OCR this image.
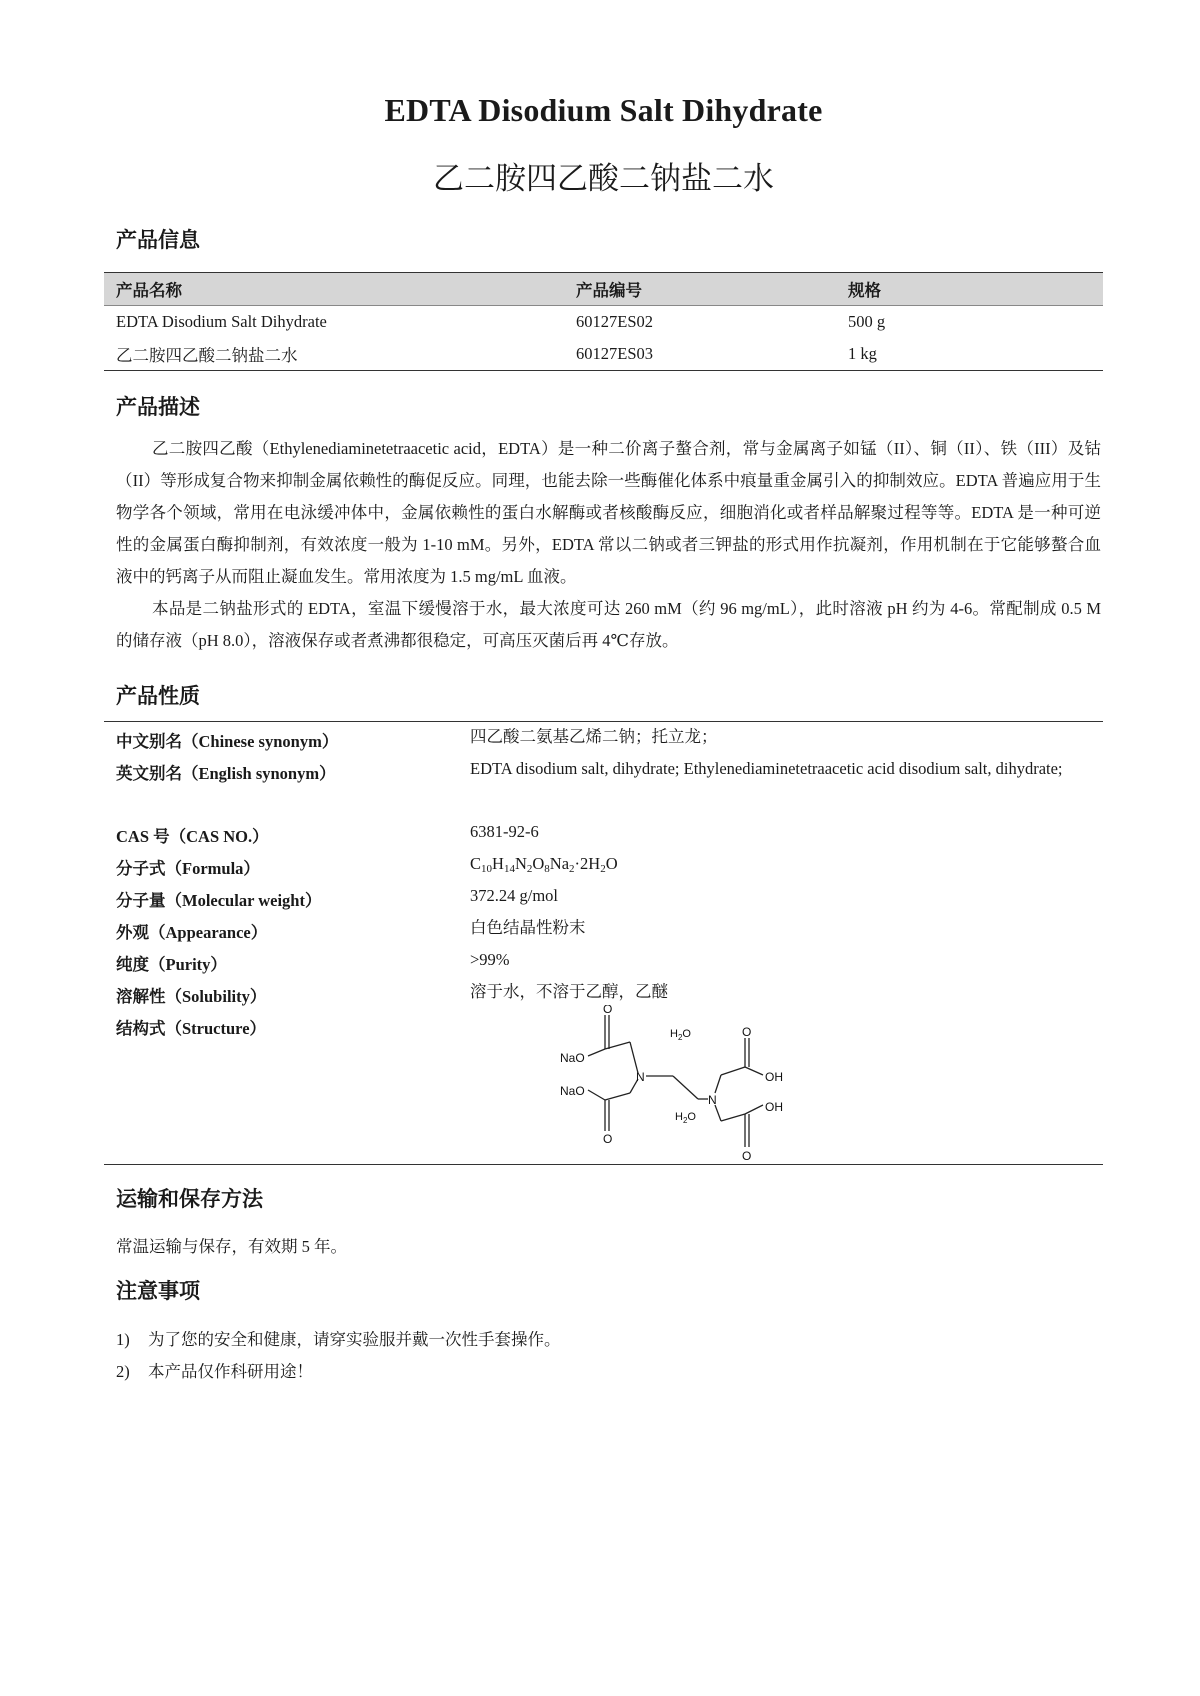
EDTA Disodium Salt Dihydrate
乙二胺四乙酸二钠盐二水
产品信息
产品名称	产品编号	规格
EDTA Disodium Salt Dihydrate	60127ES02	500 g
乙二胺四乙酸二钠盐二水	60127ES03	1 kg
产品描述

乙二胺四乙酸（Ethylenediaminetetraacetic acid，EDTA）是一种二价离子螯合剂，常与金属离子如锰（II）、铜（II）、铁（III）及钴（II）等形成复合物来抑制金属依赖性的酶促反应。同理，也能去除一些酶催化体系中痕量重金属引入的抑制效应。EDTA 普遍应用于生物学各个领域，常用在电泳缓冲体中，金属依赖性的蛋白水解酶或者核酸酶反应，细胞消化或者样品解聚过程等等。EDTA 是一种可逆性的金属蛋白酶抑制剂，有效浓度一般为 1-10 mM。另外，EDTA 常以二钠或者三钾盐的形式用作抗凝剂，作用机制在于它能够螯合血液中的钙离子从而阻止凝血发生。常用浓度为 1.5 mg/mL 血液。

本品是二钠盐形式的 EDTA，室温下缓慢溶于水，最大浓度可达 260 mM（约 96 mg/mL），此时溶液 pH 约为 4-6。常配制成 0.5 M 的储存液（pH 8.0），溶液保存或者煮沸都很稳定，可高压灭菌后再 4℃存放。

产品性质
中文别名（Chinese synonym）	四乙酸二氨基乙烯二钠；托立龙；
英文别名（English synonym）	EDTA disodium salt, dihydrate; Ethylenediaminetetraacetic acid disodium salt, dihydrate;
CAS 号（CAS NO.）	6381-92-6
分子式（Formula）	$C_{10}H_{14}N_2O_8Na_2\cdot 2H_2O$
分子量（Molecular weight）	372.24 g/mol
外观（Appearance）	白色结晶性粉末
纯度（Purity）	>99%
溶解性（Solubility）	溶于水，不溶于乙醇，乙醚
结构式（Structure）
O
NaO
NaO
O
N
N
O
OH
OH
O
$H_2O$
$H_2O$
运输和保存方法
常温运输与保存，有效期 5 年。
注意事项
1) 为了您的安全和健康，请穿实验服并戴一次性手套操作。
2) 本产品仅作科研用途！
